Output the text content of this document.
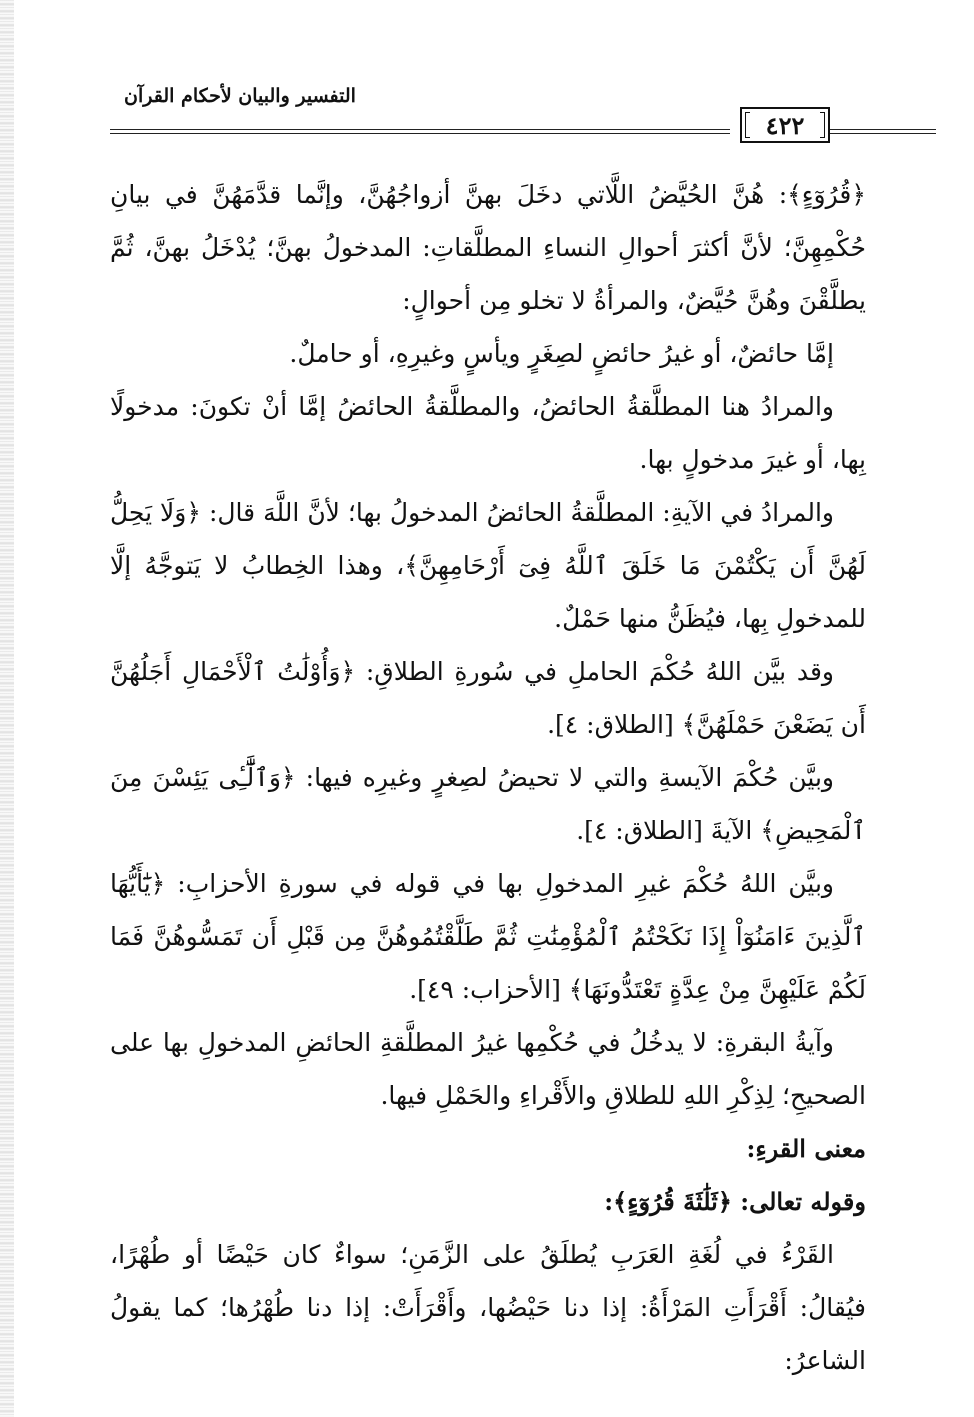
التفسير والبيان لأحكام القرآن
٤٢٢

﴿قُرُوٓءٍ﴾: هُنَّ الحُيَّضُ اللَّاتي دخَلَ بهنَّ أزواجُهُنَّ، وإنَّما قدَّمَهُنَّ في بيانِ حُكْمِهِنَّ؛ لأنَّ أكثرَ أحوالِ النساءِ المطلَّقاتِ: المدخولُ بهنَّ؛ يُدْخَلُ بهنَّ، ثُمَّ يطلَّقْنَ وهُنَّ حُيَّضٌ، والمرأةُ لا تخلو مِن أحوالٍ:

إمَّا حائضٌ، أو غيرُ حائضٍ لصِغَرٍ ويأسٍ وغيرِهِ، أو حاملٌ.

والمرادُ هنا المطلَّقةُ الحائضُ، والمطلَّقةُ الحائضُ إمَّا أنْ تكونَ: مدخولًا بِها، أو غيرَ مدخولٍ بها.

والمرادُ في الآيةِ: المطلَّقةُ الحائضُ المدخولُ بها؛ لأنَّ اللَّهَ قال: ﴿وَلَا يَحِلُّ لَهُنَّ أَن يَكْتُمْنَ مَا خَلَقَ ٱللَّهُ فِىٓ أَرْحَامِهِنَّ﴾، وهذا الخِطابُ لا يَتوجَّهُ إلَّا للمدخولِ بِها، فيُظَنُّ منها حَمْلٌ.

وقد بيَّن اللهُ حُكْمَ الحاملِ في سُورةِ الطلاقِ: ﴿وَأُوْلَٰتُ ٱلْأَحْمَالِ أَجَلُهُنَّ أَن يَضَعْنَ حَمْلَهُنَّ﴾ [الطلاق: ٤].

وبيَّن حُكْمَ الآيسةِ والتي لا تحيضُ لصِغرٍ وغيرِه فيها: ﴿وَٱلَّٰٓـِٔى يَئِسْنَ مِنَ ٱلْمَحِيضِ﴾ الآيةَ [الطلاق: ٤].

وبيَّن اللهُ حُكْمَ غيرِ المدخولِ بها في قوله في سورةِ الأحزابِ: ﴿يَٰٓأَيُّهَا ٱلَّذِينَ ءَامَنُوٓاْ إِذَا نَكَحْتُمُ ٱلْمُؤْمِنَٰتِ ثُمَّ طَلَّقْتُمُوهُنَّ مِن قَبْلِ أَن تَمَسُّوهُنَّ فَمَا لَكُمْ عَلَيْهِنَّ مِنْ عِدَّةٍ تَعْتَدُّونَهَا﴾ [الأحزاب: ٤٩].

وآيةُ البقرةِ: لا يدخُلُ في حُكْمِها غيرُ المطلَّقةِ الحائضِ المدخولِ بها على الصحيحِ؛ لِذِكْرِ اللهِ للطلاقِ والأَقْراءِ والحَمْلِ فيها.

معنى القرءِ:

وقوله تعالى: ﴿ثَلَٰثَةَ قُرُوٓءٍ﴾:

القَرْءُ في لُغَةِ العَرَبِ يُطلَقُ على الزَّمَنِ؛ سواءٌ كان حَيْضًا أو طُهْرًا، فيُقالُ: أَقْرَأَتِ المَرْأَةُ: إذا دنا حَيْضُها، وأَقْرَأَتْ: إذا دنا طُهْرُها؛ كما يقولُ الشاعرُ:
